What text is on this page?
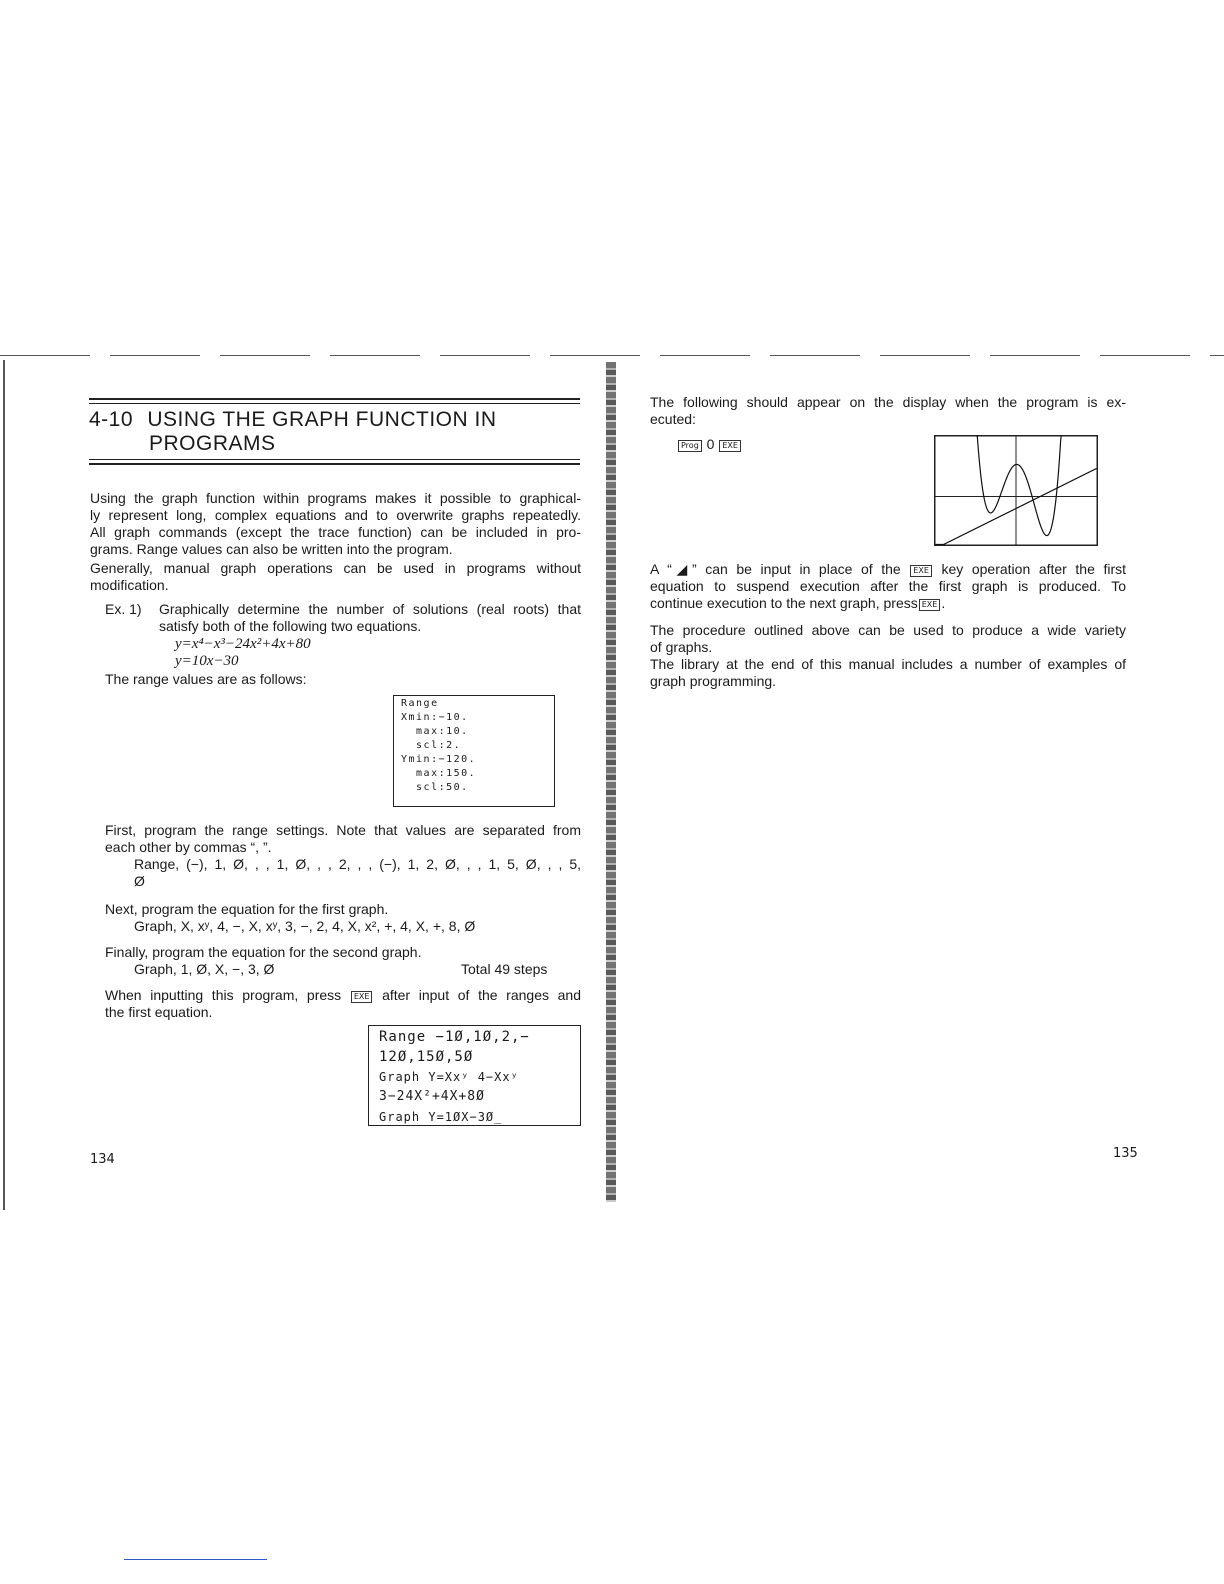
4-10 USING THE GRAPH FUNCTION IN
PROGRAMS
Using the graph function within programs makes it possible to graphical-
ly represent long, complex equations and to overwrite graphs repeatedly.
All graph commands (except the trace function) can be included in pro-
grams. Range values can also be written into the program.
Generally, manual graph operations can be used in programs without
modification.
Ex. 1) Graphically determine the number of solutions (real roots) that
satisfy both of the following two equations.
y=x⁴−x³−24x²+4x+80
y=10x−30
The range values are as follows:
Range
Xmin:−10.
max:10.
scl:2.
Ymin:−120.
max:150.
scl:50.
First, program the range settings. Note that values are separated from
each other by commas “, ”.
Range, (−), 1, Ø, , , 1, Ø, , , 2, , , (−), 1, 2, Ø, , , 1, 5, Ø, , , 5,
Ø
Next, program the equation for the first graph.
Graph, X, xʸ, 4, −, X, xʸ, 3, −, 2, 4, X, x², +, 4, X, +, 8, Ø
Finally, program the equation for the second graph.
Graph, 1, Ø, X, −, 3, Ø	Total 49 steps
When inputting this program, press EXE after input of the ranges and
the first equation.
Range −1Ø,1Ø,2,−
12Ø,15Ø,5Ø
Graph Y=Xxʸ 4−Xxʸ
3−24X²+4X+8Ø
Graph Y=1ØX−3Ø_
134
The following should appear on the display when the program is ex-
ecuted:
Prog 0 EXE
A “◢” can be input in place of the EXE key operation after the first
equation to suspend execution after the first graph is produced. To
continue execution to the next graph, press EXE .
The procedure outlined above can be used to produce a wide variety
of graphs.
The library at the end of this manual includes a number of examples of
graph programming.
135
